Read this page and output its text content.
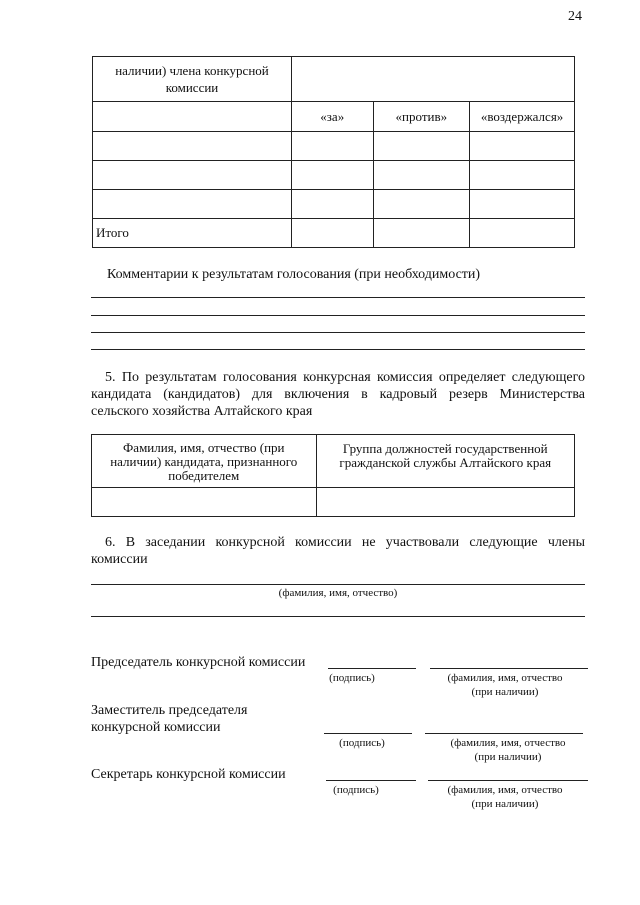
24
наличии) члена конкурсной комиссии			

	«за»	«против»	«воздержался»

Итого			

Комментарии к результатам голосования (при необходимости)
5. По результатам голосования конкурсная комиссия определяет следующего кандидата (кандидатов) для включения в кадровый резерв Министерства сельского хозяйства Алтайского края
Фамилия, имя, отчество (при наличии) кандидата, признанного победителем	Группа должностей государственной гражданской службы Алтайского края

6. В заседании конкурсной комиссии не участвовали следующие члены комиссии
(фамилия, имя, отчество)
Председатель конкурсной комиссии
(подпись)	(фамилия, имя, отчество
(при наличии)
Заместитель председателя
конкурсной комиссии
(подпись)	(фамилия, имя, отчество
(при наличии)
Секретарь конкурсной комиссии
(подпись)	(фамилия, имя, отчество
(при наличии)
